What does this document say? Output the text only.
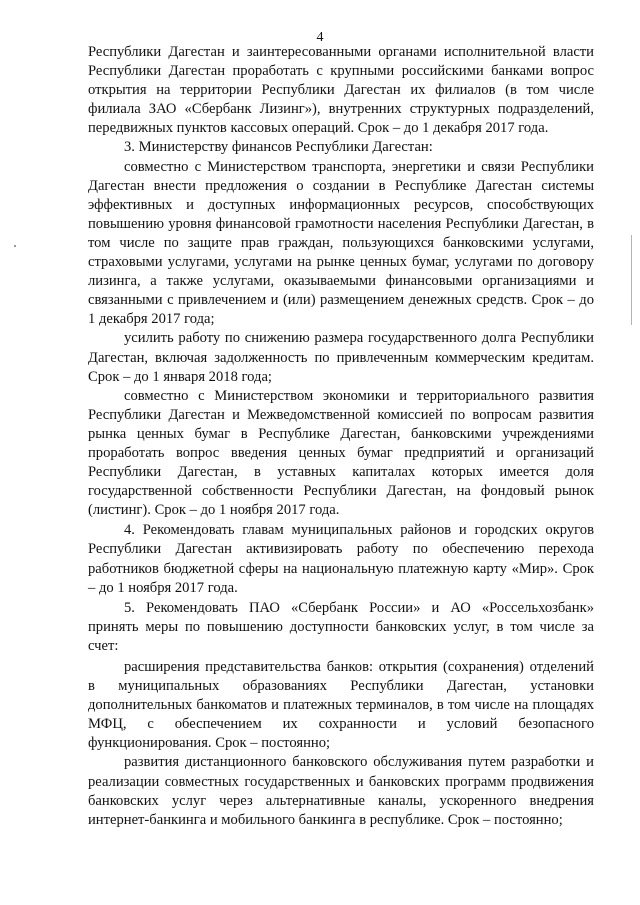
4

Республики Дагестан и заинтересованными органами исполнительной власти Республики Дагестан проработать с крупными российскими банками вопрос открытия на территории Республики Дагестан их филиалов (в том числе филиала ЗАО «Сбербанк Лизинг»), внутренних структурных подразделений, передвижных пунктов кассовых операций. Срок – до 1 декабря 2017 года.

3. Министерству финансов Республики Дагестан:

совместно с Министерством транспорта, энергетики и связи Республики Дагестан внести предложения о создании в Республике Дагестан системы эффективных и доступных информационных ресурсов, способствующих повышению уровня финансовой грамотности населения Республики Дагестан, в том числе по защите прав граждан, пользующихся банковскими услугами, страховыми услугами, услугами на рынке ценных бумаг, услугами по договору лизинга, а также услугами, оказываемыми финансовыми организациями и связанными с привлечением и (или) размещением денежных средств. Срок – до 1 декабря 2017 года;

усилить работу по снижению размера государственного долга Республики Дагестан, включая задолженность по привлеченным коммерческим кредитам. Срок – до 1 января 2018 года;

совместно с Министерством экономики и территориального развития Республики Дагестан и Межведомственной комиссией по вопросам развития рынка ценных бумаг в Республике Дагестан, банковскими учреждениями проработать вопрос введения ценных бумаг предприятий и организаций Республики Дагестан, в уставных капиталах которых имеется доля государственной собственности Республики Дагестан, на фондовый рынок (листинг). Срок – до 1 ноября 2017 года.

4. Рекомендовать главам муниципальных районов и городских округов Республики Дагестан активизировать работу по обеспечению перехода работников бюджетной сферы на национальную платежную карту «Мир». Срок – до 1 ноября 2017 года.

5. Рекомендовать ПАО «Сбербанк России» и АО «Россельхозбанк» принять меры по повышению доступности банковских услуг, в том числе за счет:

расширения представительства банков: открытия (сохранения) отделений в муниципальных образованиях Республики Дагестан, установки дополнительных банкоматов и платежных терминалов, в том числе на площадях МФЦ, с обеспечением их сохранности и условий безопасного функционирования. Срок – постоянно;

развития дистанционного банковского обслуживания путем разработки и реализации совместных государственных и банковских программ продвижения банковских услуг через альтернативные каналы, ускоренного внедрения интернет-банкинга и мобильного банкинга в республике. Срок – постоянно;
